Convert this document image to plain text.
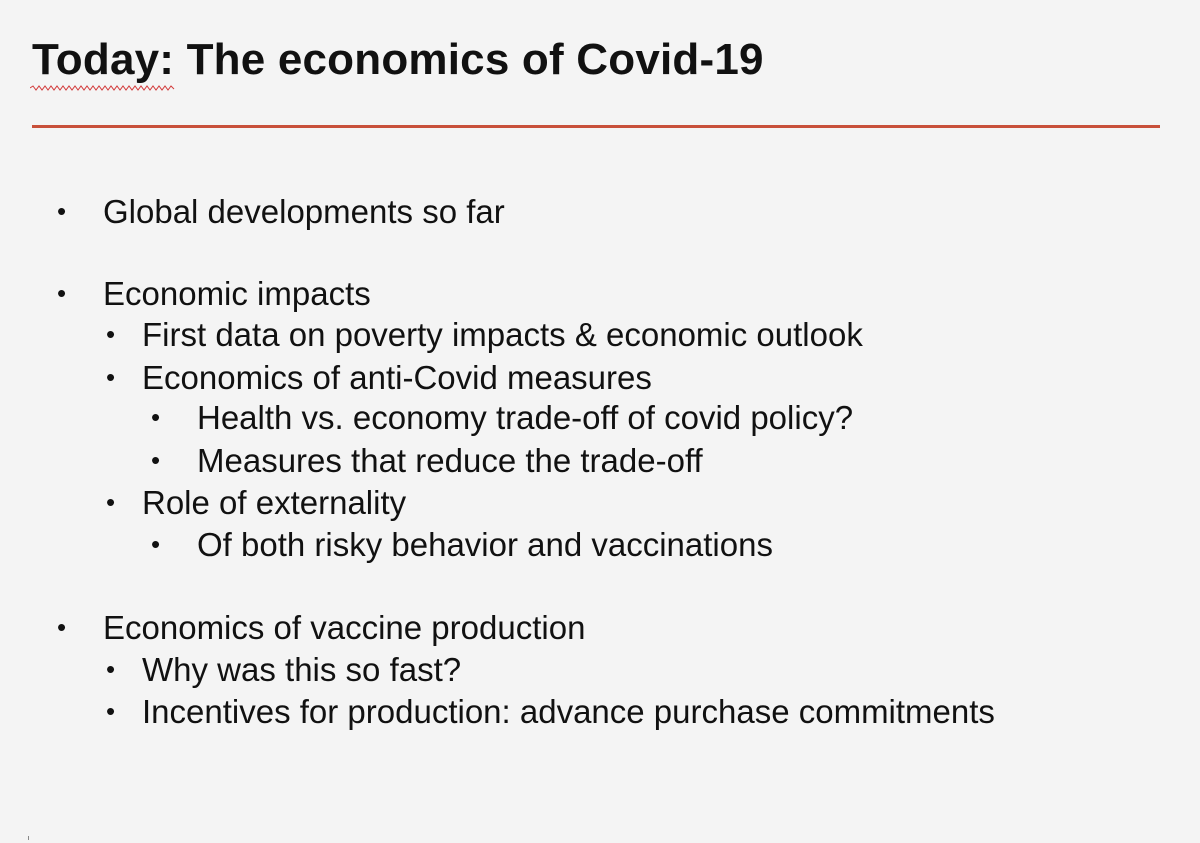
Today: The economics of Covid-19
• Global developments so far
• Economic impacts
• First data on poverty impacts & economic outlook
• Economics of anti-Covid measures
• Health vs. economy trade-off of covid policy?
• Measures that reduce the trade-off
• Role of externality
• Of both risky behavior and vaccinations
• Economics of vaccine production
• Why was this so fast?
• Incentives for production: advance purchase commitments
